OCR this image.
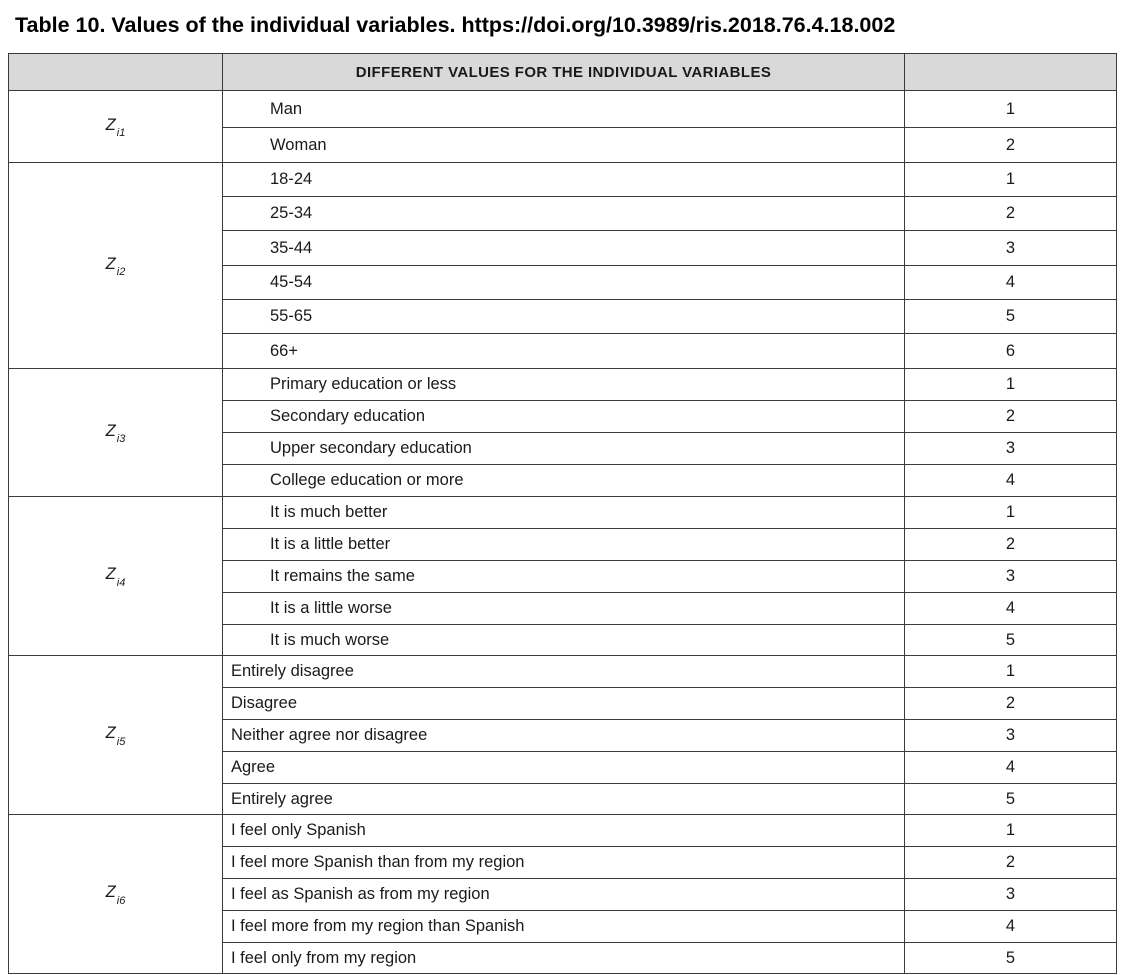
Table 10. Values of the individual variables. https://doi.org/10.3989/ris.2018.76.4.18.002
	DIFFERENT VALUES FOR THE INDIVIDUAL VARIABLES	
$Z_{i1}$	Man	1
	Woman	2
$Z_{i2}$	18-24	1
	25-34	2
	35-44	3
	45-54	4
	55-65	5
	66+	6
$Z_{i3}$	Primary education or less	1
	Secondary education	2
	Upper secondary education	3
	College education or more	4
$Z_{i4}$	It is much better	1
	It is a little better	2
	It remains the same	3
	It is a little worse	4
	It is much worse	5
$Z_{i5}$	Entirely disagree	1
	Disagree	2
	Neither agree nor disagree	3
	Agree	4
	Entirely agree	5
$Z_{i6}$	I feel only Spanish	1
	I feel more Spanish than from my region	2
	I feel as Spanish as from my region	3
	I feel more from my region than Spanish	4
	I feel only from my region	5
